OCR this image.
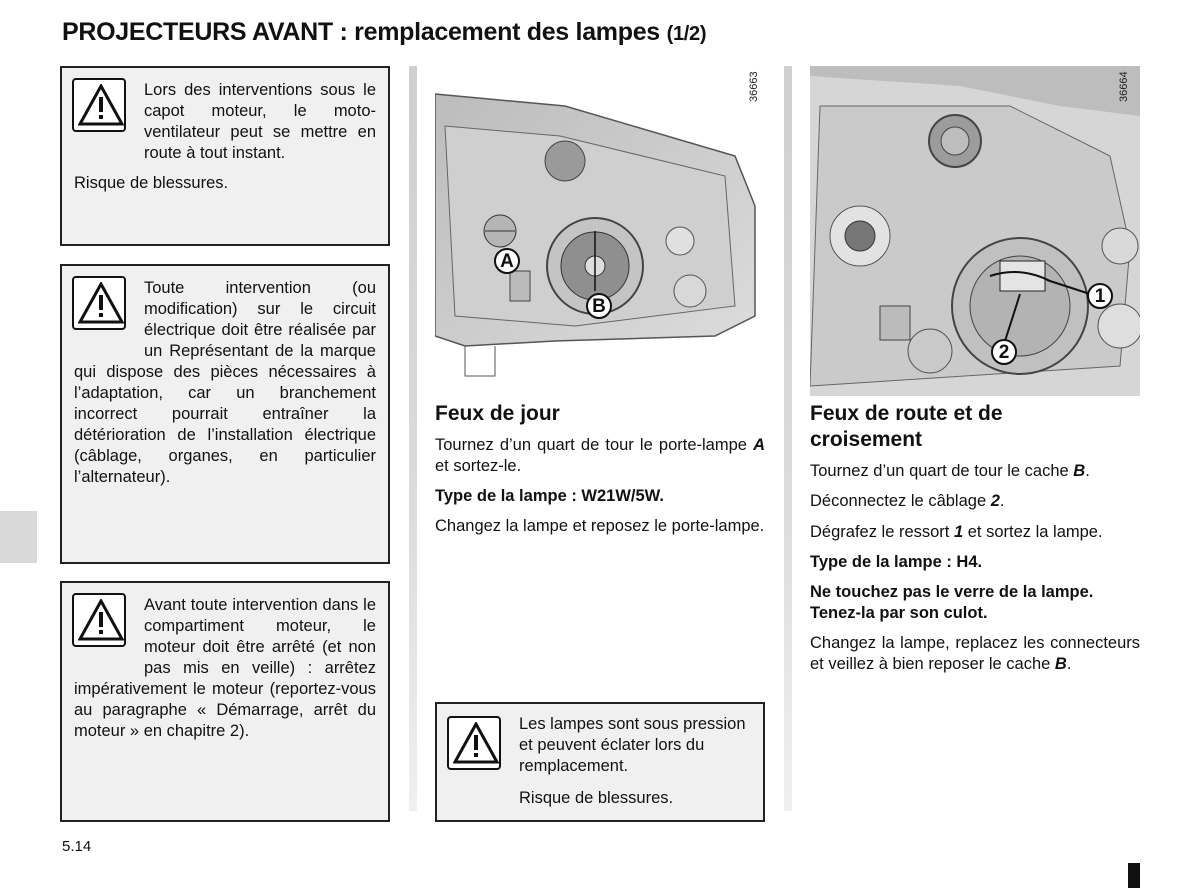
PROJECTEURS AVANT : remplacement des lampes (1/2)
Lors des interventions sous le capot moteur, le motoventilateur peut se mettre en route à tout instant.
Risque de blessures.
Toute intervention (ou modification) sur le circuit électrique doit être réalisée par un Représentant de la marque qui dispose des pièces nécessaires à l’adaptation, car un branchement incorrect pourrait entraîner la détérioration de l’installation électrique (câblage, organes, en particulier l’alternateur).
Avant toute intervention dans le compartiment moteur, le moteur doit être arrêté (et non pas mis en veille) : arrêtez impérativement le moteur (reportez-vous au paragraphe « Démarrage, arrêt du moteur » en chapitre 2).
A
B
36663
1
2
36664
Feux de jour
Tournez d’un quart de tour le porte-lampe A et sortez-le.
Type de la lampe : W21W/5W.
Changez la lampe et reposez le porte-lampe.
Les lampes sont sous pression et peuvent éclater lors du remplacement.
Risque de blessures.
Feux de route et de croisement
Tournez d’un quart de tour le cache B.
Déconnectez le câblage 2.
Dégrafez le ressort 1 et sortez la lampe.
Type de la lampe : H4.
Ne touchez pas le verre de la lampe. Tenez-la par son culot.
Changez la lampe, replacez les connecteurs et veillez à bien reposer le cache B.
5.14
